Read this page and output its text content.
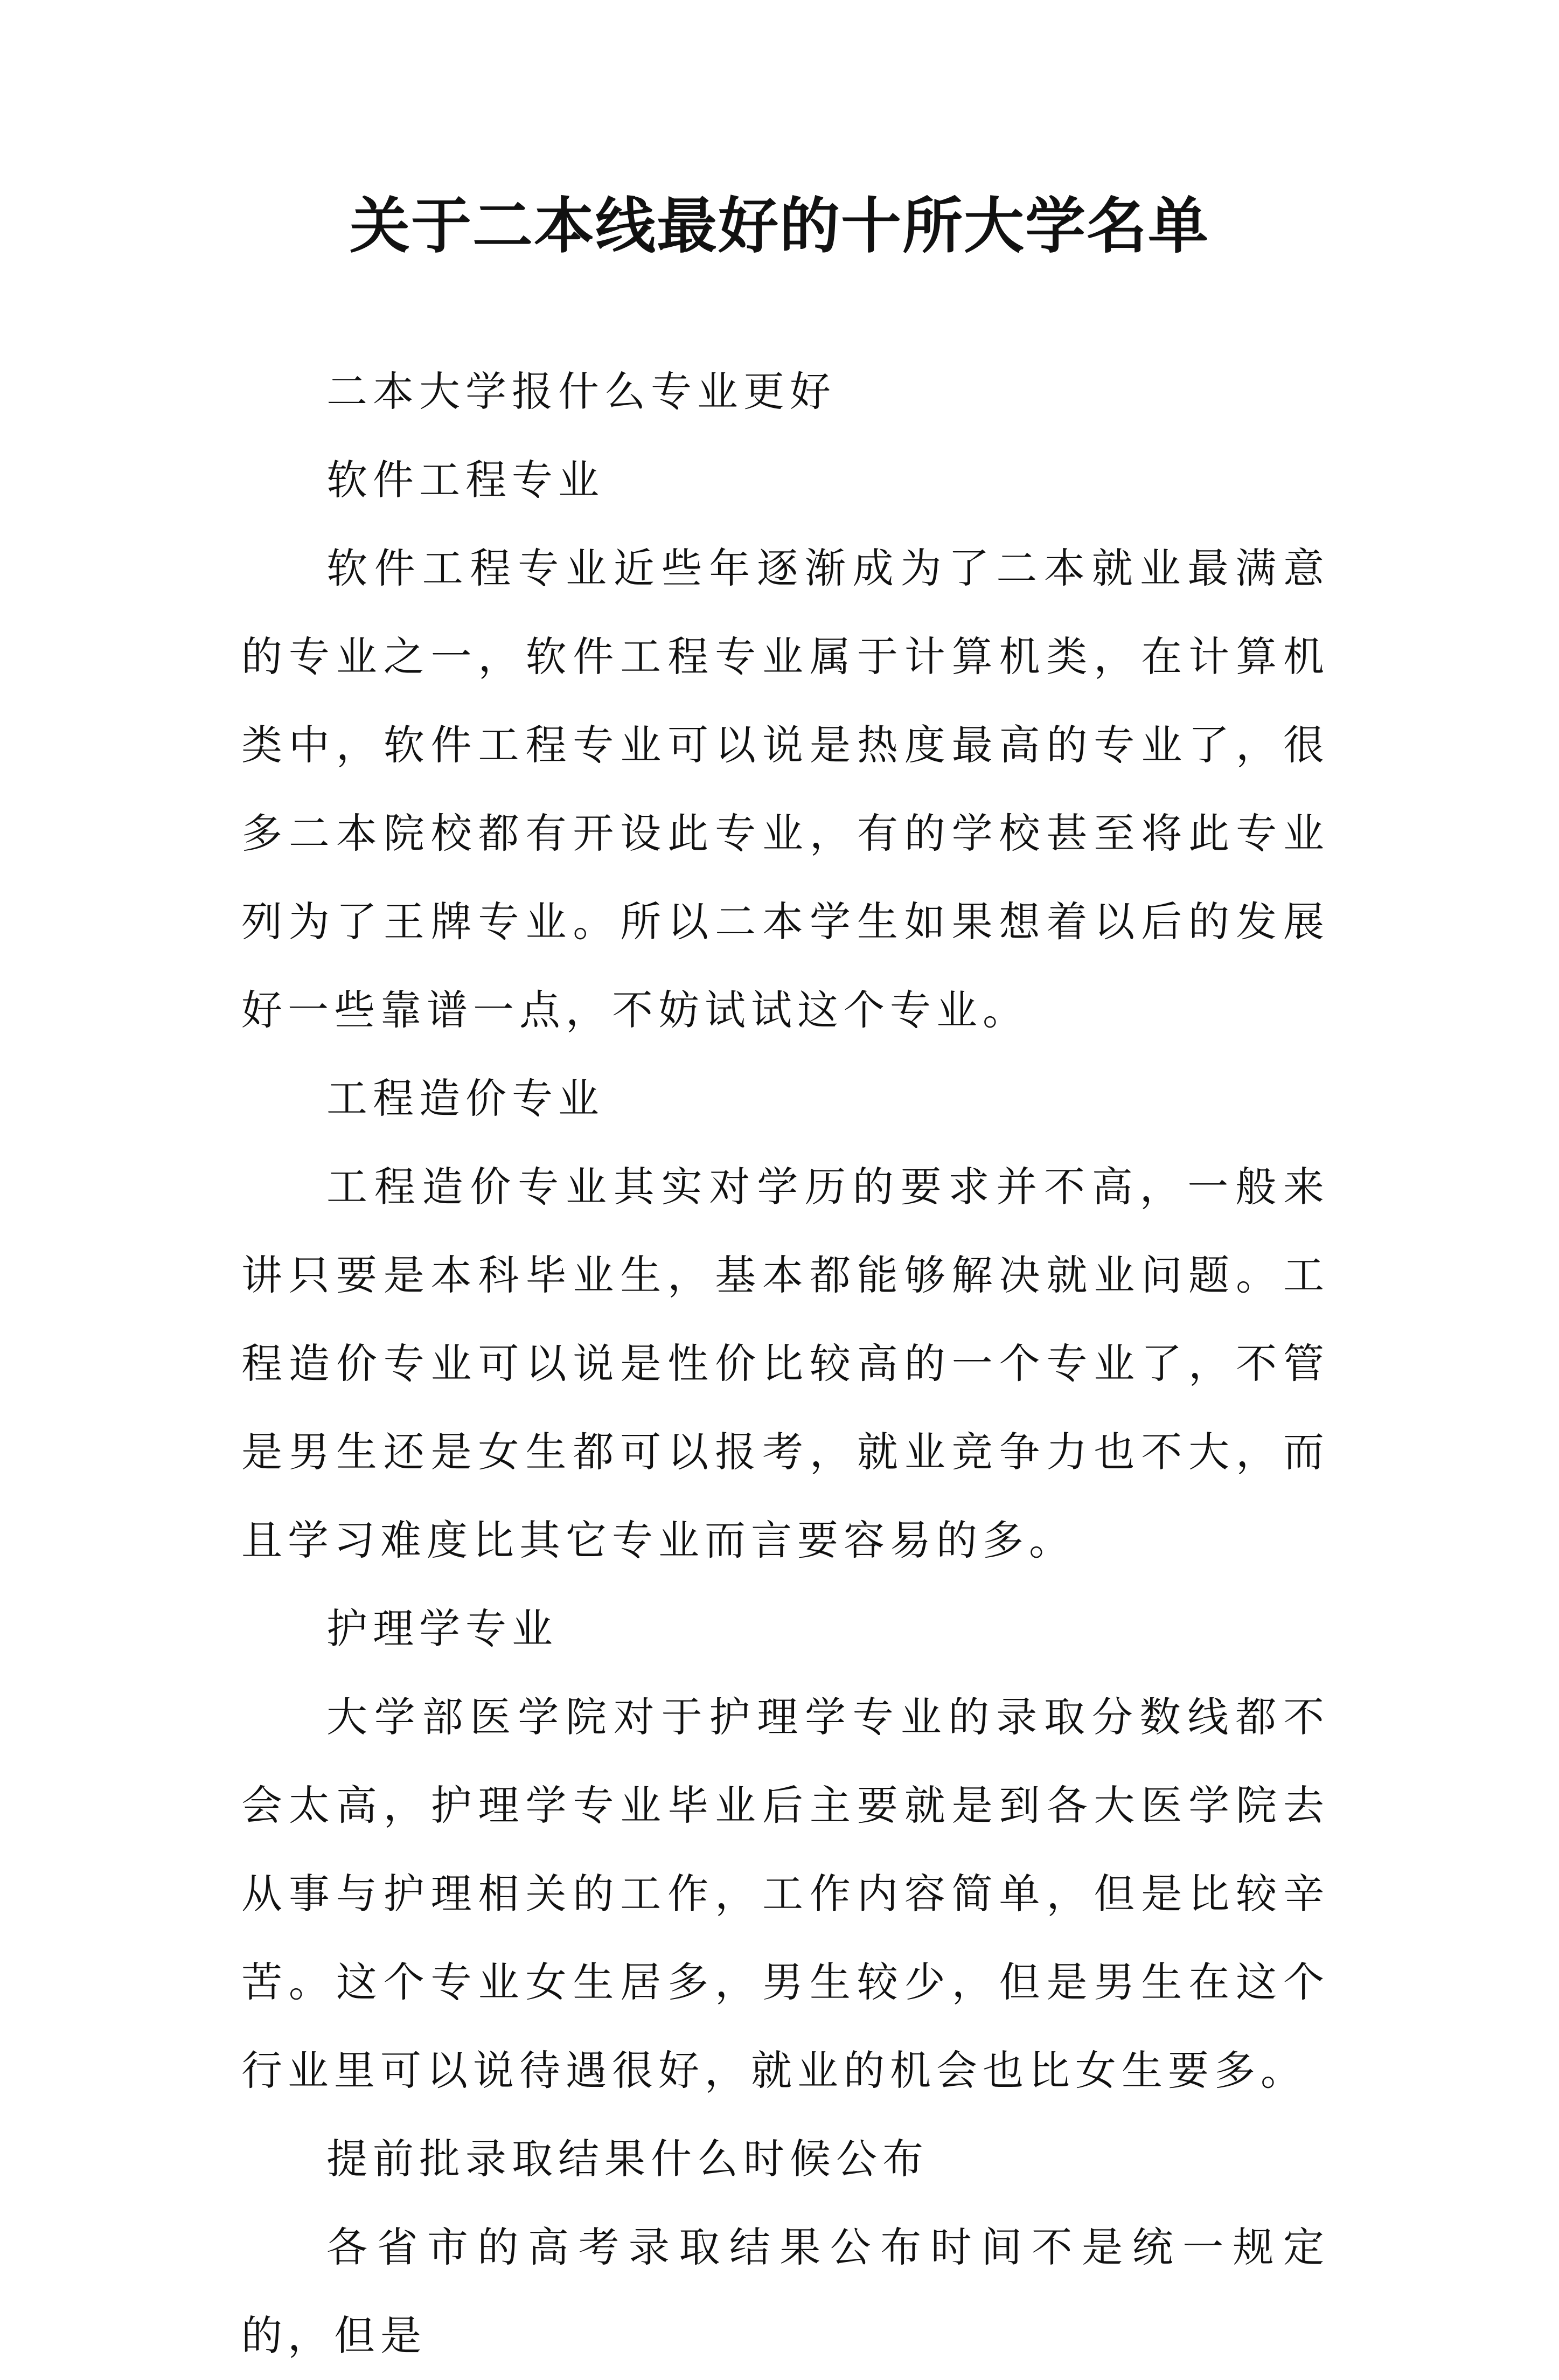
关于二本线最好的十所大学名单

二本大学报什么专业更好

软件工程专业

软件工程专业近些年逐渐成为了二本就业最满意的专业之一，软件工程专业属于计算机类，在计算机类中，软件工程专业可以说是热度最高的专业了，很多二本院校都有开设此专业，有的学校甚至将此专业列为了王牌专业。所以二本学生如果想着以后的发展好一些靠谱一点，不妨试试这个专业。

工程造价专业

工程造价专业其实对学历的要求并不高，一般来讲只要是本科毕业生，基本都能够解决就业问题。工程造价专业可以说是性价比较高的一个专业了，不管是男生还是女生都可以报考，就业竞争力也不大，而且学习难度比其它专业而言要容易的多。

护理学专业

大学部医学院对于护理学专业的录取分数线都不会太高，护理学专业毕业后主要就是到各大医学院去从事与护理相关的工作，工作内容简单，但是比较辛苦。这个专业女生居多，男生较少，但是男生在这个行业里可以说待遇很好，就业的机会也比女生要多。

提前批录取结果什么时候公布

各省市的高考录取结果公布时间不是统一规定的，但是
